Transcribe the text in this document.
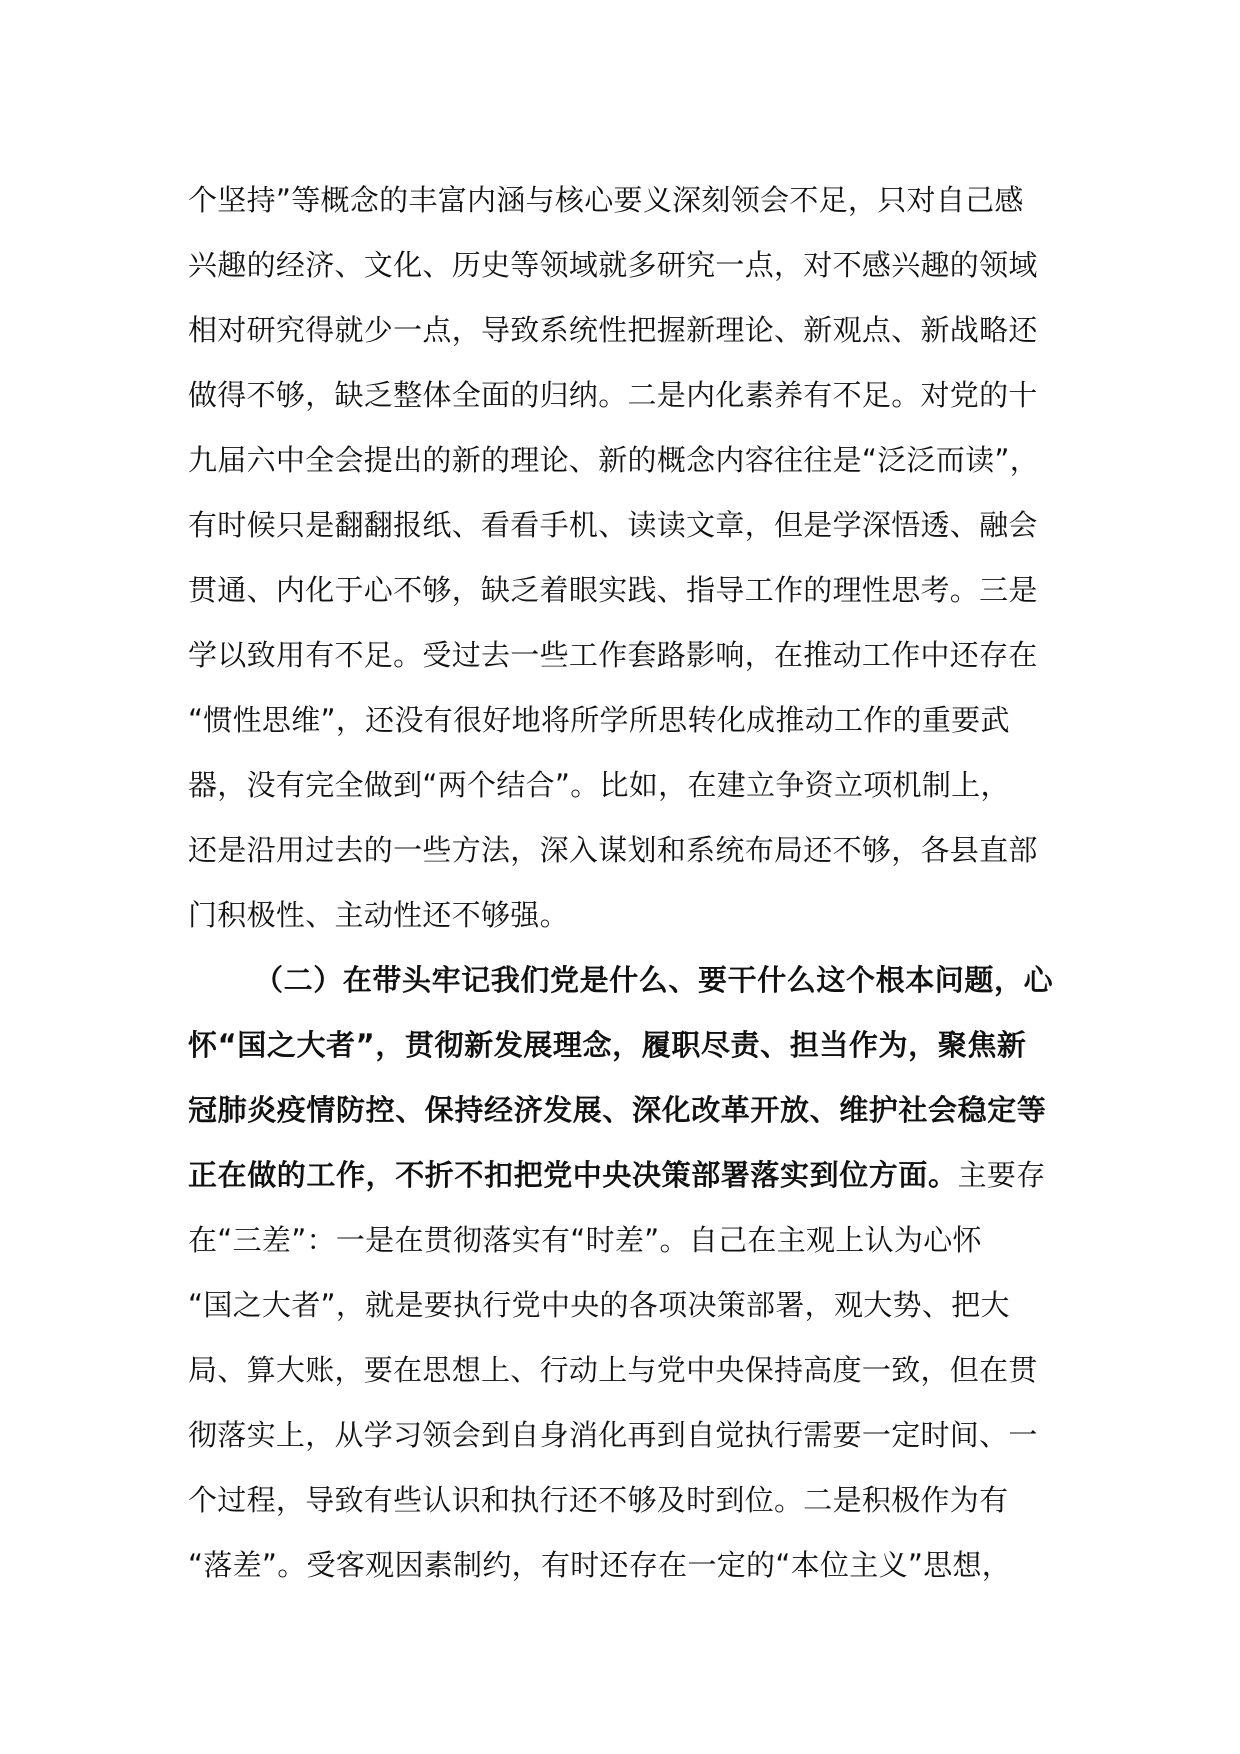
个坚持”等概念的丰富内涵与核心要义深刻领会不足，只对自己感
兴趣的经济、文化、历史等领域就多研究一点，对不感兴趣的领域
相对研究得就少一点，导致系统性把握新理论、新观点、新战略还
做得不够，缺乏整体全面的归纳。二是内化素养有不足。对党的十
九届六中全会提出的新的理论、新的概念内容往往是“泛泛而读”，
有时候只是翻翻报纸、看看手机、读读文章，但是学深悟透、融会
贯通、内化于心不够，缺乏着眼实践、指导工作的理性思考。三是
学以致用有不足。受过去一些工作套路影响，在推动工作中还存在
“惯性思维”，还没有很好地将所学所思转化成推动工作的重要武
器，没有完全做到“两个结合”。比如，在建立争资立项机制上，
还是沿用过去的一些方法，深入谋划和系统布局还不够，各县直部
门积极性、主动性还不够强。
（二）在带头牢记我们党是什么、要干什么这个根本问题，心
怀“国之大者”，贯彻新发展理念，履职尽责、担当作为，聚焦新
冠肺炎疫情防控、保持经济发展、深化改革开放、维护社会稳定等
正在做的工作，不折不扣把党中央决策部署落实到位方面。主要存
在“三差”：一是在贯彻落实有“时差”。自己在主观上认为心怀
“国之大者”，就是要执行党中央的各项决策部署，观大势、把大
局、算大账，要在思想上、行动上与党中央保持高度一致，但在贯
彻落实上，从学习领会到自身消化再到自觉执行需要一定时间、一
个过程，导致有些认识和执行还不够及时到位。二是积极作为有
“落差”。受客观因素制约，有时还存在一定的“本位主义”思想，
